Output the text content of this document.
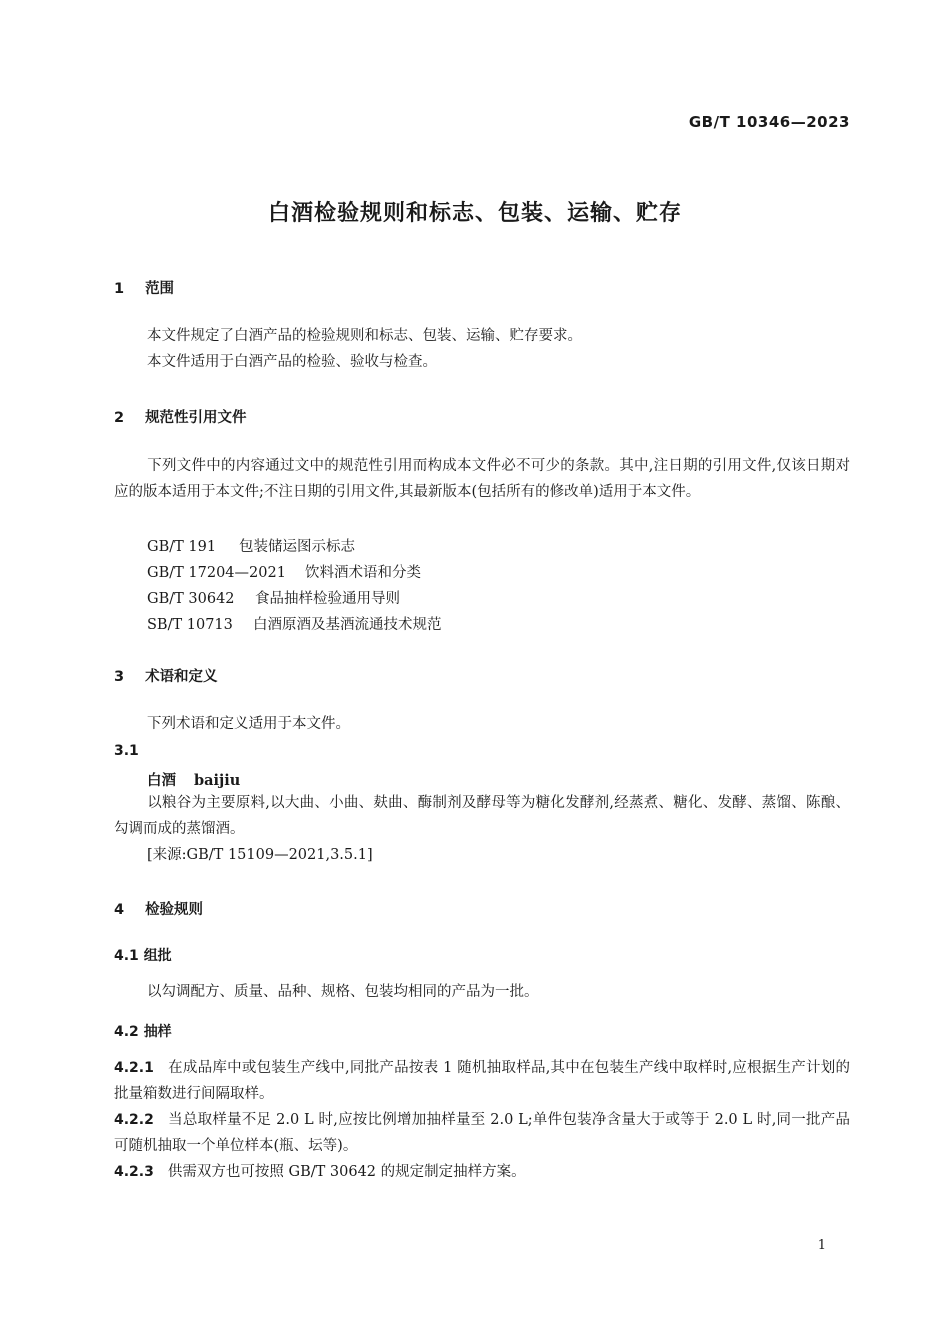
GB/T 10346—2023
白酒检验规则和标志、包装、运输、贮存
1 范围
本文件规定了白酒产品的检验规则和标志、包装、运输、贮存要求。
本文件适用于白酒产品的检验、验收与检查。
2 规范性引用文件
下列文件中的内容通过文中的规范性引用而构成本文件必不可少的条款。其中,注日期的引用文件,仅该日期对应的版本适用于本文件;不注日期的引用文件,其最新版本(包括所有的修改单)适用于本文件。
GB/T 191 包装储运图示标志
GB/T 17204—2021 饮料酒术语和分类
GB/T 30642 食品抽样检验通用导则
SB/T 10713 白酒原酒及基酒流通技术规范
3 术语和定义
下列术语和定义适用于本文件。
3.1
白酒 baijiu
以粮谷为主要原料,以大曲、小曲、麸曲、酶制剂及酵母等为糖化发酵剂,经蒸煮、糖化、发酵、蒸馏、陈酿、勾调而成的蒸馏酒。
[来源:GB/T 15109—2021,3.5.1]
4 检验规则
4.1 组批
以勾调配方、质量、品种、规格、包装均相同的产品为一批。
4.2 抽样
4.2.1 在成品库中或包装生产线中,同批产品按表 1 随机抽取样品,其中在包装生产线中取样时,应根据生产计划的批量箱数进行间隔取样。
4.2.2 当总取样量不足 2.0 L 时,应按比例增加抽样量至 2.0 L;单件包装净含量大于或等于 2.0 L 时,同一批产品可随机抽取一个单位样本(瓶、坛等)。
4.2.3 供需双方也可按照 GB/T 30642 的规定制定抽样方案。
1
